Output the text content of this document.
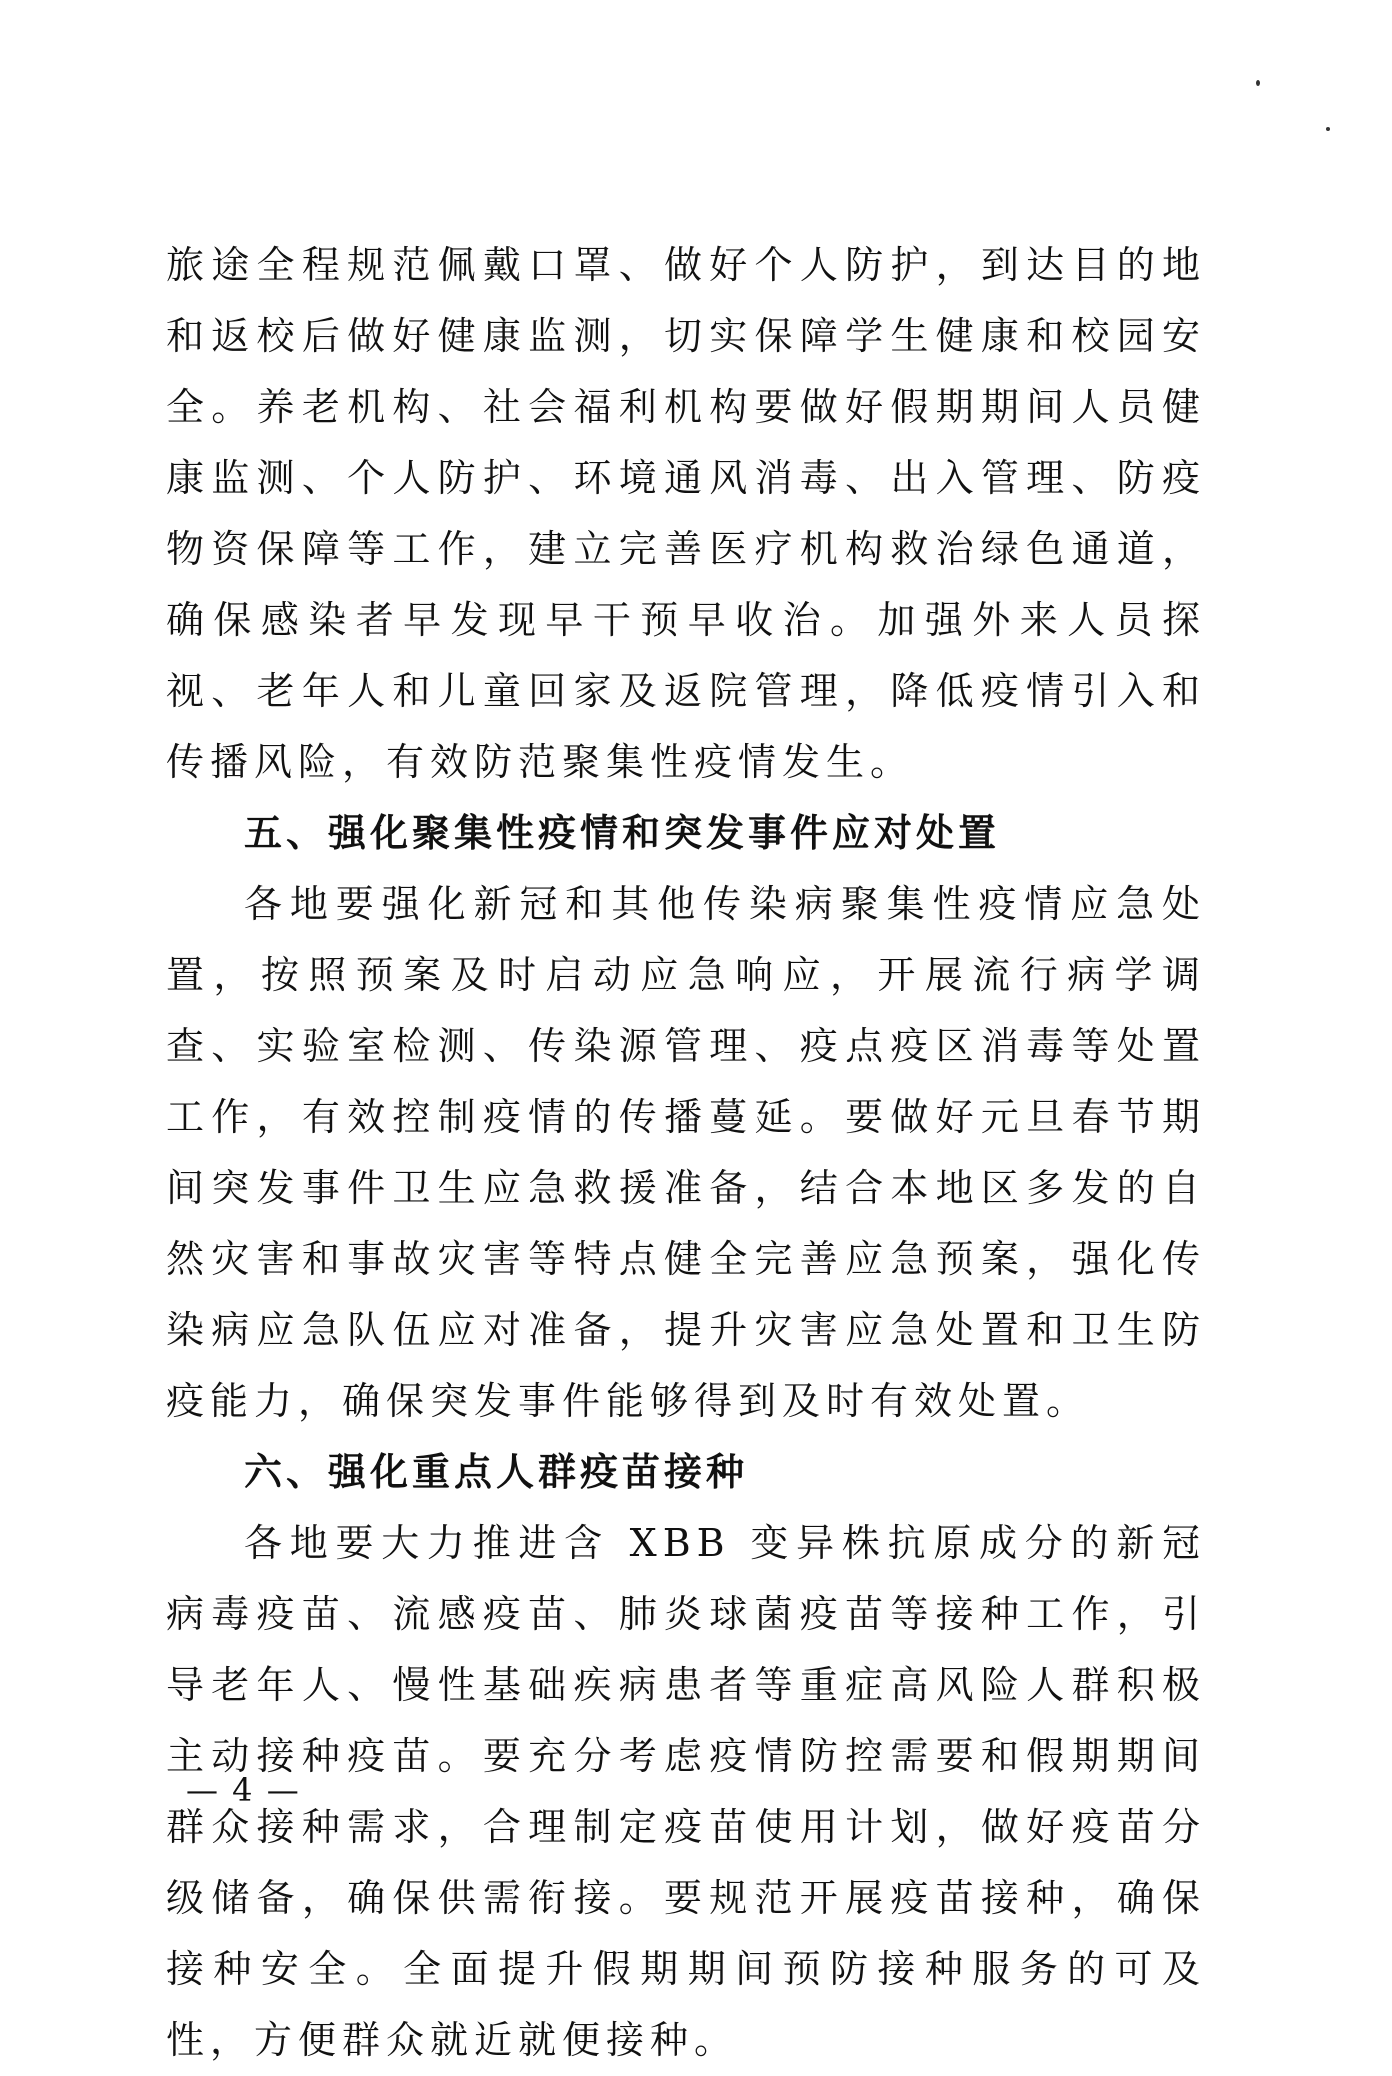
旅途全程规范佩戴口罩、做好个人防护，到达目的地和返校后做好健康监测，切实保障学生健康和校园安全。养老机构、社会福利机构要做好假期期间人员健康监测、个人防护、环境通风消毒、出入管理、防疫物资保障等工作，建立完善医疗机构救治绿色通道，确保感染者早发现早干预早收治。加强外来人员探视、老年人和儿童回家及返院管理，降低疫情引入和传播风险，有效防范聚集性疫情发生。

五、强化聚集性疫情和突发事件应对处置

各地要强化新冠和其他传染病聚集性疫情应急处置，按照预案及时启动应急响应，开展流行病学调查、实验室检测、传染源管理、疫点疫区消毒等处置工作，有效控制疫情的传播蔓延。要做好元旦春节期间突发事件卫生应急救援准备，结合本地区多发的自然灾害和事故灾害等特点健全完善应急预案，强化传染病应急队伍应对准备，提升灾害应急处置和卫生防疫能力，确保突发事件能够得到及时有效处置。

六、强化重点人群疫苗接种

各地要大力推进含 XBB 变异株抗原成分的新冠病毒疫苗、流感疫苗、肺炎球菌疫苗等接种工作，引导老年人、慢性基础疾病患者等重症高风险人群积极主动接种疫苗。要充分考虑疫情防控需要和假期期间群众接种需求，合理制定疫苗使用计划，做好疫苗分级储备，确保供需衔接。要规范开展疫苗接种，确保接种安全。全面提升假期期间预防接种服务的可及性，方便群众就近就便接种。

— 4 —
